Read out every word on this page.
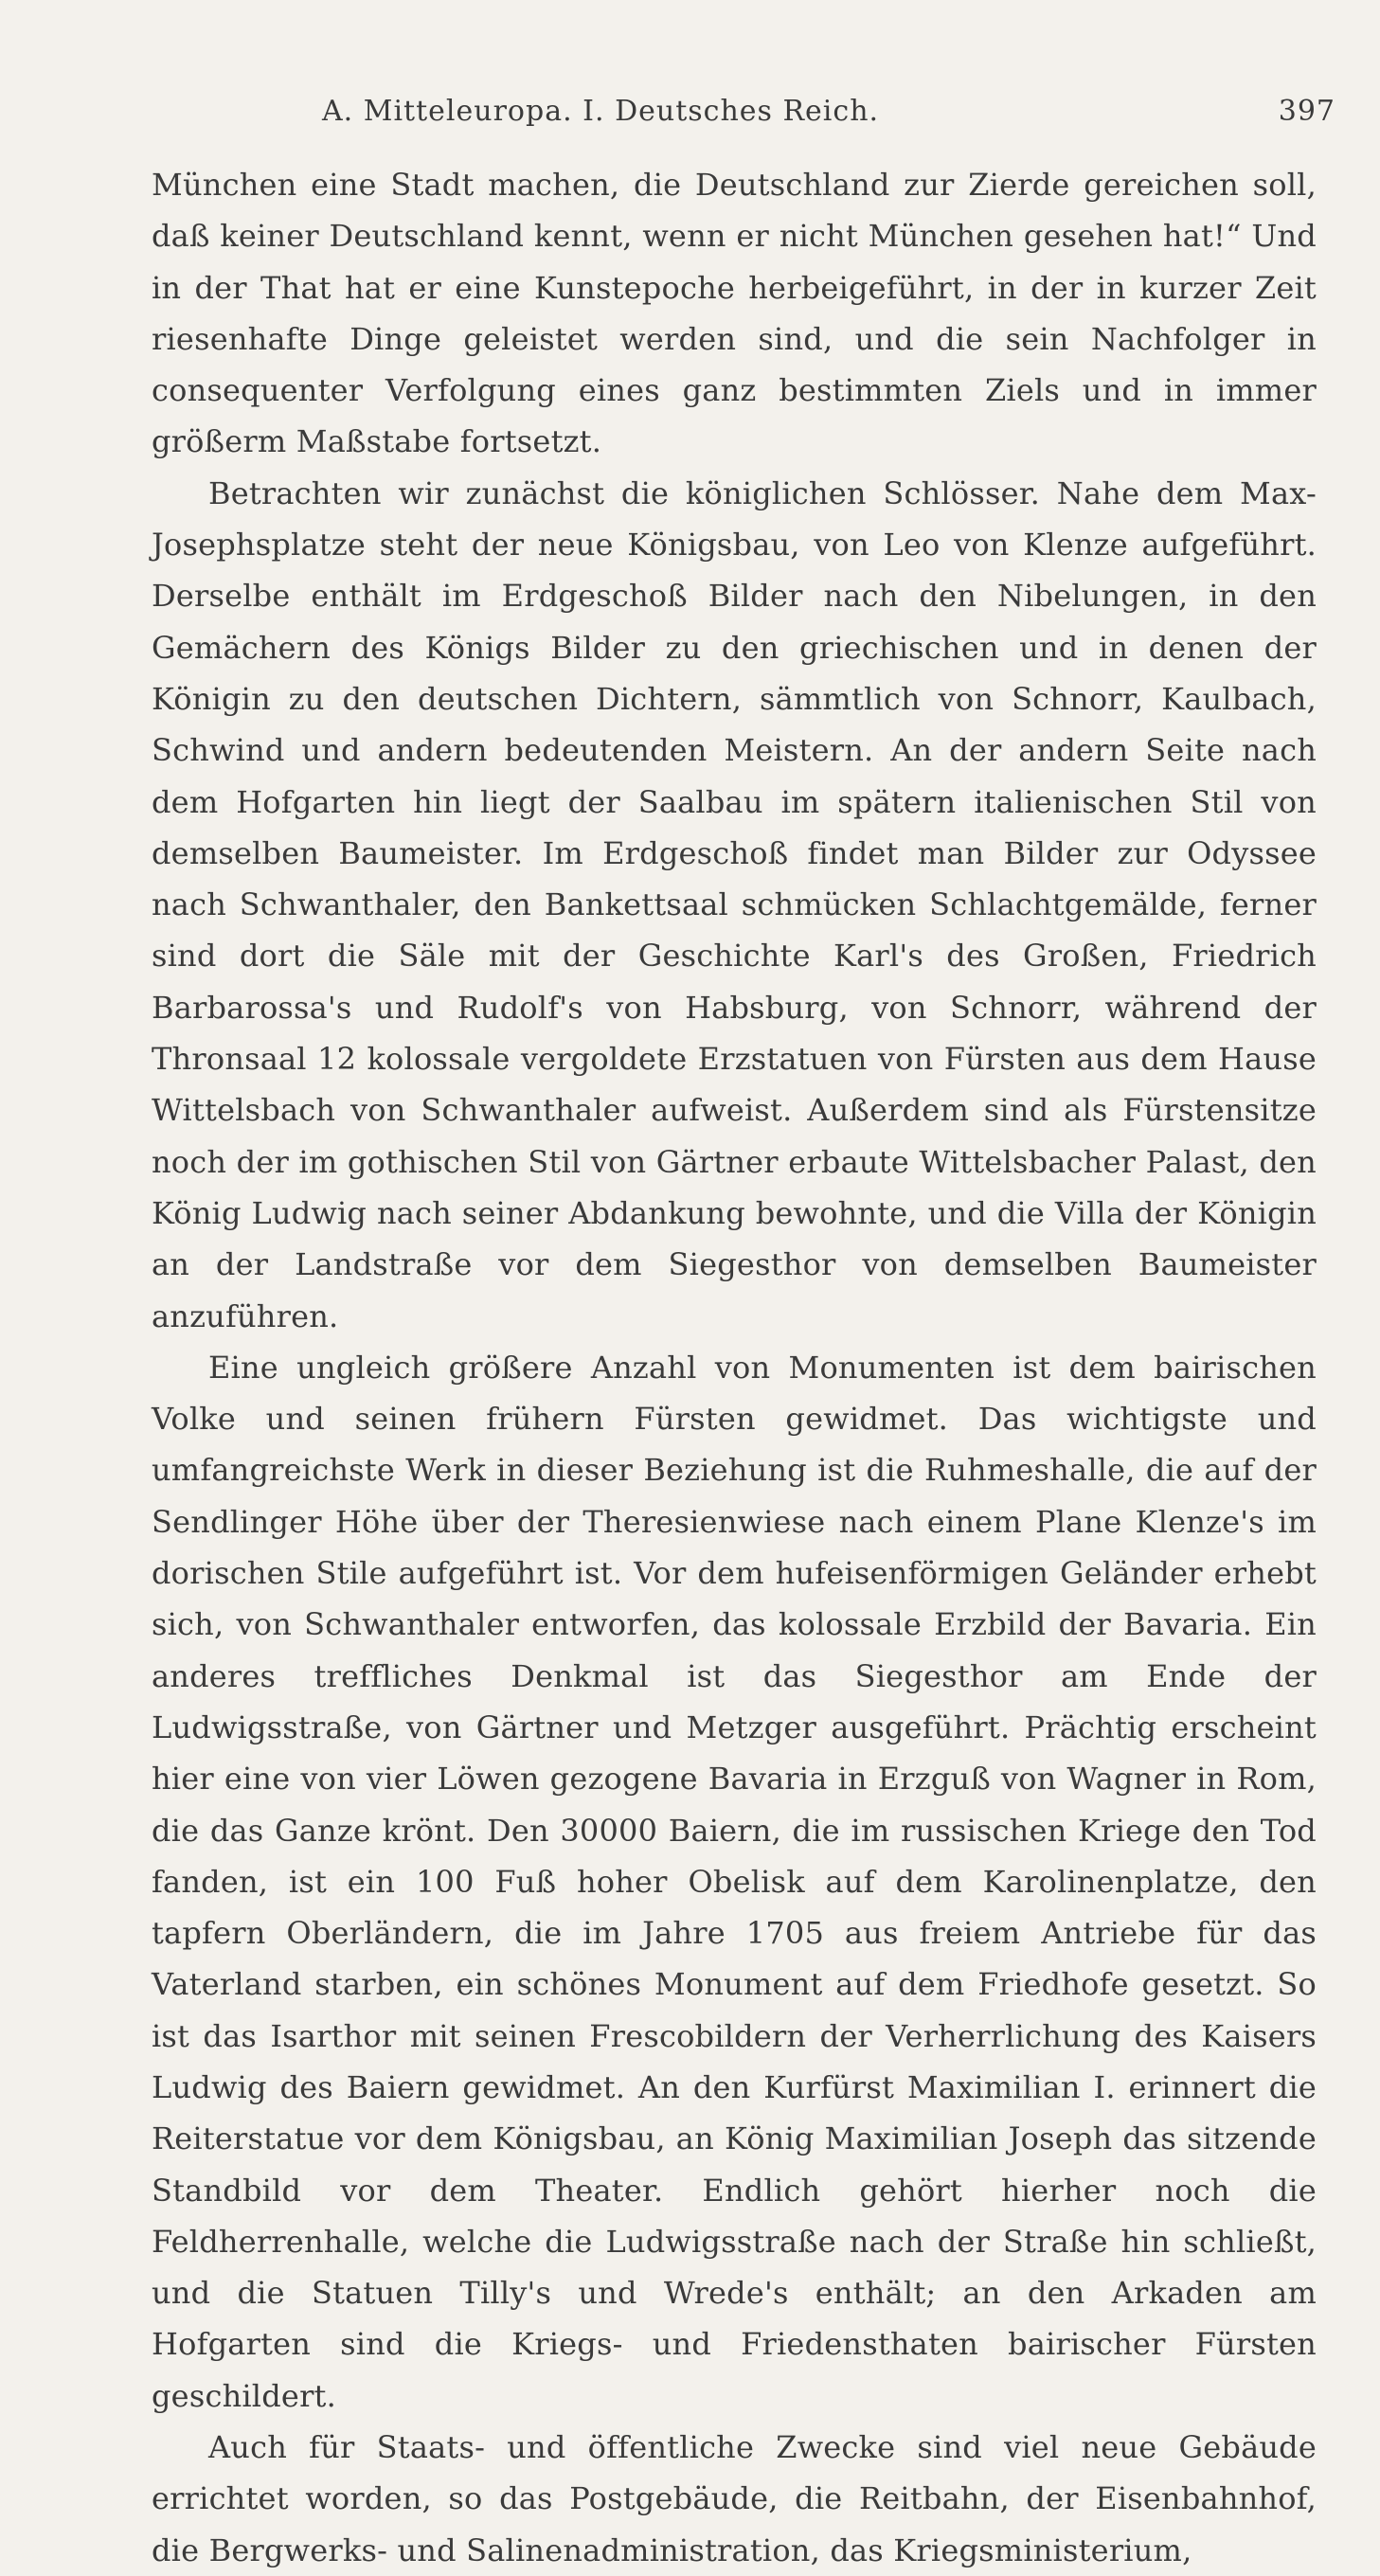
A. Mitteleuropa. I. Deutsches Reich.	397

München eine Stadt machen, die Deutschland zur Zierde gereichen soll, daß keiner Deutschland kennt, wenn er nicht München gesehen hat!“ Und in der That hat er eine Kunstepoche herbeigeführt, in der in kurzer Zeit riesenhafte Dinge geleistet werden sind, und die sein Nachfolger in consequenter Verfolgung eines ganz bestimmten Ziels und in immer größerm Maßstabe fortsetzt.

Betrachten wir zunächst die königlichen Schlösser. Nahe dem Max-Josephsplatze steht der neue Königsbau, von Leo von Klenze aufgeführt. Derselbe enthält im Erdgeschoß Bilder nach den Nibelungen, in den Gemächern des Königs Bilder zu den griechischen und in denen der Königin zu den deutschen Dichtern, sämmtlich von Schnorr, Kaulbach, Schwind und andern bedeutenden Meistern. An der andern Seite nach dem Hofgarten hin liegt der Saalbau im spätern italienischen Stil von demselben Baumeister. Im Erdgeschoß findet man Bilder zur Odyssee nach Schwanthaler, den Bankettsaal schmücken Schlachtgemälde, ferner sind dort die Säle mit der Geschichte Karl's des Großen, Friedrich Barbarossa's und Rudolf's von Habsburg, von Schnorr, während der Thronsaal 12 kolossale vergoldete Erzstatuen von Fürsten aus dem Hause Wittelsbach von Schwanthaler aufweist. Außerdem sind als Fürstensitze noch der im gothischen Stil von Gärtner erbaute Wittelsbacher Palast, den König Ludwig nach seiner Abdankung bewohnte, und die Villa der Königin an der Landstraße vor dem Siegesthor von demselben Baumeister anzuführen.

Eine ungleich größere Anzahl von Monumenten ist dem bairischen Volke und seinen frühern Fürsten gewidmet. Das wichtigste und umfangreichste Werk in dieser Beziehung ist die Ruhmeshalle, die auf der Sendlinger Höhe über der Theresienwiese nach einem Plane Klenze's im dorischen Stile aufgeführt ist. Vor dem hufeisenförmigen Geländer erhebt sich, von Schwanthaler entworfen, das kolossale Erzbild der Bavaria. Ein anderes treffliches Denkmal ist das Siegesthor am Ende der Ludwigsstraße, von Gärtner und Metzger ausgeführt. Prächtig erscheint hier eine von vier Löwen gezogene Bavaria in Erzguß von Wagner in Rom, die das Ganze krönt. Den 30000 Baiern, die im russischen Kriege den Tod fanden, ist ein 100 Fuß hoher Obelisk auf dem Karolinenplatze, den tapfern Oberländern, die im Jahre 1705 aus freiem Antriebe für das Vaterland starben, ein schönes Monument auf dem Friedhofe gesetzt. So ist das Isarthor mit seinen Frescobildern der Verherrlichung des Kaisers Ludwig des Baiern gewidmet. An den Kurfürst Maximilian I. erinnert die Reiterstatue vor dem Königsbau, an König Maximilian Joseph das sitzende Standbild vor dem Theater. Endlich gehört hierher noch die Feldherrenhalle, welche die Ludwigsstraße nach der Straße hin schließt, und die Statuen Tilly's und Wrede's enthält; an den Arkaden am Hofgarten sind die Kriegs- und Friedensthaten bairischer Fürsten geschildert.

Auch für Staats- und öffentliche Zwecke sind viel neue Gebäude errichtet worden, so das Postgebäude, die Reitbahn, der Eisenbahnhof, die Bergwerks- und Salinenadministration, das Kriegsministerium,
